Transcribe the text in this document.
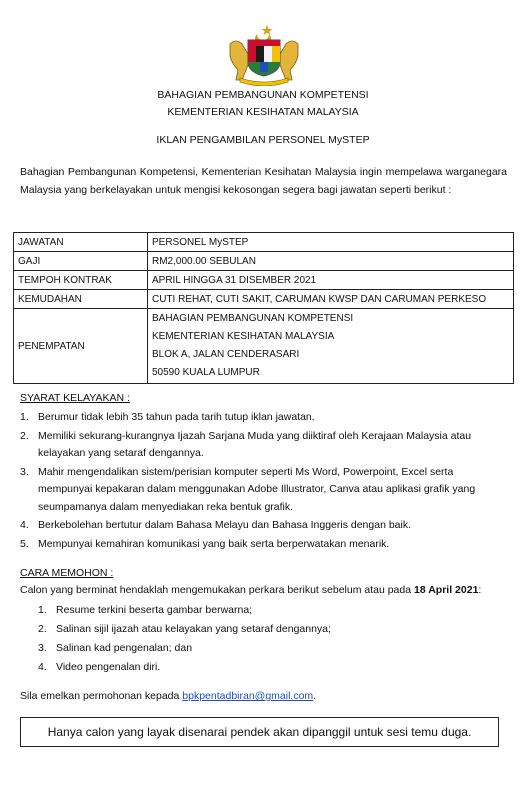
BAHAGIAN PEMBANGUNAN KOMPETENSI
KEMENTERIAN KESIHATAN MALAYSIA
IKLAN PENGAMBILAN PERSONEL MySTEP
Bahagian Pembangunan Kompetensi, Kementerian Kesihatan Malaysia ingin mempelawa warganegara Malaysia yang berkelayakan untuk mengisi kekosongan segera bagi jawatan seperti berikut :
JAWATAN	PERSONEL MySTEP
GAJI	RM2,000.00 SEBULAN
TEMPOH KONTRAK	APRIL HINGGA 31 DISEMBER 2021
KEMUDAHAN	CUTI REHAT, CUTI SAKIT, CARUMAN KWSP DAN CARUMAN PERKESO
PENEMPATAN	BAHAGIAN PEMBANGUNAN KOMPETENSI
KEMENTERIAN KESIHATAN MALAYSIA
BLOK A, JALAN CENDERASARI
50590 KUALA LUMPUR
SYARAT KELAYAKAN :
1. Berumur tidak lebih 35 tahun pada tarih tutup iklan jawatan.
2. Memiliki sekurang-kurangnya Ijazah Sarjana Muda yang diiktiraf oleh Kerajaan Malaysia atau kelayakan yang setaraf dengannya.
3. Mahir mengendalikan sistem/perisian komputer seperti Ms Word, Powerpoint, Excel serta mempunyai kepakaran dalam menggunakan Adobe Illustrator, Canva atau aplikasi grafik yang seumpamanya dalam menyediakan reka bentuk grafik.
4. Berkebolehan bertutur dalam Bahasa Melayu dan Bahasa Inggeris dengan baik.
5. Mempunyai kemahiran komunikasi yang baik serta berperwatakan menarik.
CARA MEMOHON :
Calon yang berminat hendaklah mengemukakan perkara berikut sebelum atau pada 18 April 2021:
1. Resume terkini beserta gambar berwarna;
2. Salinan sijil ijazah atau kelayakan yang setaraf dengannya;
3. Salinan kad pengenalan; dan
4. Video pengenalan diri.
Sila emelkan permohonan kepada bpkpentadbiran@gmail.com.
Hanya calon yang layak disenarai pendek akan dipanggil untuk sesi temu duga.
